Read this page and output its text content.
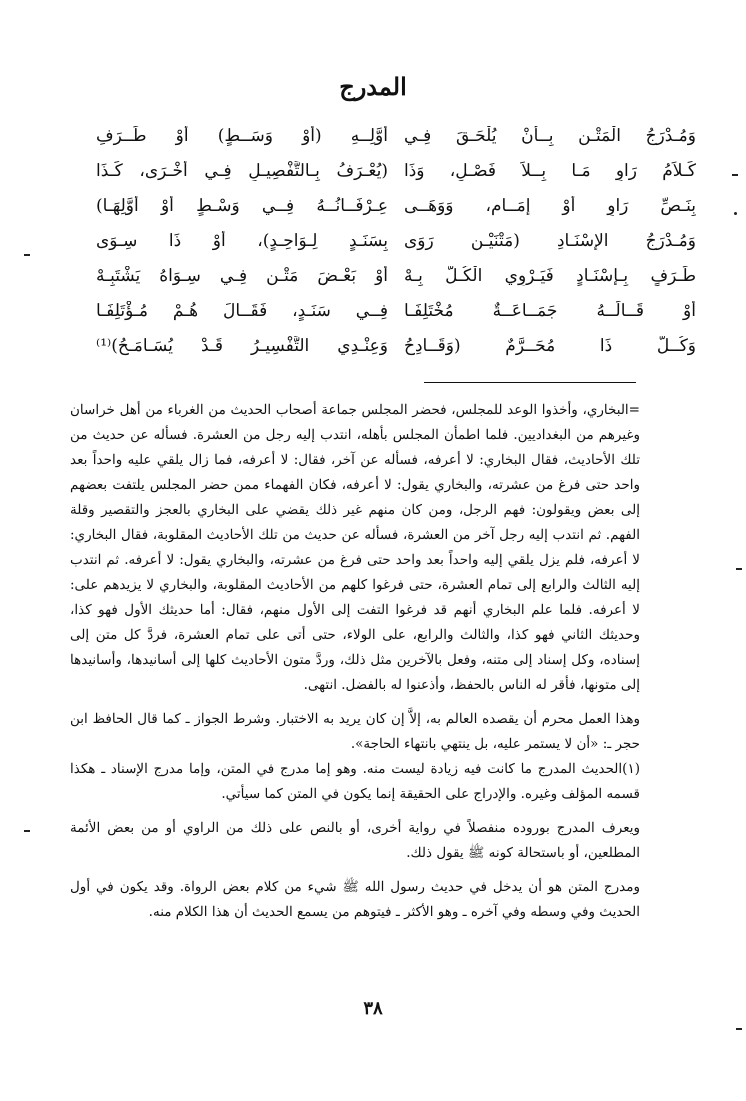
المدرج
وَمُـدْرَجُ الْمَتْـنِ بِــأَنْ يُلْحَـقَ فِـي
أَوَّلِــهِ (أَوْ وَسَــطٍ) أَوْ طَــرَفِ
كَـلاَمُ رَاوٍ مَـا بِــلاَ فَصْـلٍ، وَذَا
(يُعْـرَفُ بِـالتَّفْصِيـلِ فِـي أُخْـرَى، كَـذَا
بِنَـصِّ رَاوٍ أَوْ إِمَــامٍ، وَوَهَــى
عِـرْفَــانُــهُ فِــي وَسْـطٍ أَوْ أَوَّلِهَـا)
وَمُـدْرَجُ الإِسْنَـادِ (مَتْنَيْـنِ رَوَى
بِسَنَـدٍ لِـوَاحِـدٍ)، أَوْ ذَا سِـوَى
طَـرَفٍ بِـإِسْنَـادٍ فَيَـرْوِي الْكُـلَّ بِـهْ
أَوْ بَعْـضَ مَتْـنٍ فِـي سِـوَاهُ يَشْتَبِـهْ
أَوْ قَــالَــهُ جَمَــاعَــةٌ مُخْتَلِفَـا
فِــي سَنَـدٍ، فَقَــالَ هُـمْ مُـؤْتَلِفَـا
وَكُــلُّ ذَا مُحَــرَّمٌ (وَقَــادِحُ
وَعِنْـدِي التَّفْسِيـرُ قَـدْ يُسَـامَـحُ)⁽¹⁾

=البخاري، وأخذوا الوعد للمجلس، فحضر المجلس جماعة أصحاب الحديث من الغرباء من أهل خراسان وغيرهم من البغداديين. فلما اطمأن المجلس بأهله، انتدب إليه رجل من العشرة. فسأله عن حديث من تلك الأحاديث، فقال البخاري: لا أعرفه، فسأله عن آخر، فقال: لا أعرفه، فما زال يلقي عليه واحداً بعد واحد حتى فرغ من عشرته، والبخاري يقول: لا أعرفه، فكان الفهماء ممن حضر المجلس يلتفت بعضهم إلى بعض ويقولون: فهم الرجل، ومن كان منهم غير ذلك يقضي على البخاري بالعجز والتقصير وقلة الفهم. ثم انتدب إليه رجل آخر من العشرة، فسأله عن حديث من تلك الأحاديث المقلوبة، فقال البخاري: لا أعرفه، فلم يزل يلقي إليه واحداً بعد واحد حتى فرغ من عشرته، والبخاري يقول: لا أعرفه. ثم انتدب إليه الثالث والرابع إلى تمام العشرة، حتى فرغوا كلهم من الأحاديث المقلوبة، والبخاري لا يزيدهم على: لا أعرفه. فلما علم البخاري أنهم قد فرغوا التفت إلى الأول منهم، فقال: أما حديثك الأول فهو كذا، وحديثك الثاني فهو كذا، والثالث والرابع، على الولاء، حتى أتى على تمام العشرة، فردَّ كل متن إلى إسناده، وكل إسناد إلى متنه، وفعل بالآخرين مثل ذلك، وردَّ متون الأحاديث كلها إلى أسانيدها، وأسانيدها إلى متونها، فأقر له الناس بالحفظ، وأذعنوا له بالفضل. انتهى.

وهذا العمل محرم أن يقصده العالم به، إلاَّ إن كان يريد به الاختبار. وشرط الجواز ـ كما قال الحافظ ابن حجر ـ: «أن لا يستمر عليه، بل ينتهي بانتهاء الحاجة».

(١)الحديث المدرج ما كانت فيه زيادة ليست منه. وهو إما مدرج في المتن، وإما مدرج الإسناد ـ هكذا قسمه المؤلف وغيره. والإدراج على الحقيقة إنما يكون في المتن كما سيأتي.

ويعرف المدرج بوروده منفصلاً في رواية أخرى، أو بالنص على ذلك من الراوي أو من بعض الأئمة المطلعين، أو باستحالة كونه ﷺ يقول ذلك.

ومدرج المتن هو أن يدخل في حديث رسول الله ﷺ شيء من كلام بعض الرواة. وقد يكون في أول الحديث وفي وسطه وفي آخره ـ وهو الأكثر ـ فيتوهم من يسمع الحديث أن هذا الكلام منه.

٣٨
